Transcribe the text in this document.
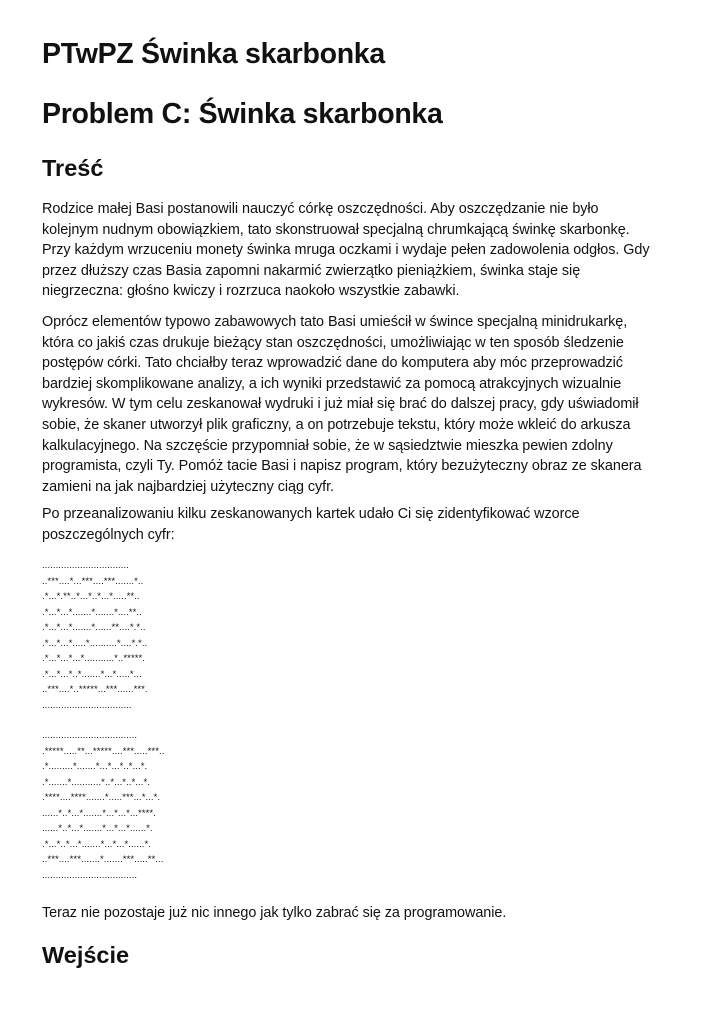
PTwPZ Świnka skarbonka
Problem C: Świnka skarbonka
Treść
Rodzice małej Basi postanowili nauczyć córkę oszczędności. Aby oszczędzanie nie było
kolejnym nudnym obowiązkiem, tato skonstruował specjalną chrumkającą świnkę skarbonkę.
Przy każdym wrzuceniu monety świnka mruga oczkami i wydaje pełen zadowolenia odgłos. Gdy
przez dłuższy czas Basia zapomni nakarmić zwierzątko pieniążkiem, świnka staje się
niegrzeczna: głośno kwiczy i rozrzuca naokoło wszystkie zabawki.
Oprócz elementów typowo zabawowych tato Basi umieścił w śwince specjalną minidrukarkę,
która co jakiś czas drukuje bieżący stan oszczędności, umożliwiając w ten sposób śledzenie
postępów córki. Tato chciałby teraz wprowadzić dane do komputera aby móc przeprowadzić
bardziej skomplikowane analizy, a ich wyniki przedstawić za pomocą atrakcyjnych wizualnie
wykresów. W tym celu zeskanował wydruki i już miał się brać do dalszej pracy, gdy uświadomił
sobie, że skaner utworzył plik graficzny, a on potrzebuje tekstu, który może wkleić do arkusza
kalkulacyjnego. Na szczęście przypomniał sobie, że w sąsiedztwie mieszka pewien zdolny
programista, czyli Ty. Pomóż tacie Basi i napisz program, który bezużyteczny obraz ze skanera
zamieni na jak najbardziej użyteczny ciąg cyfr.
Po przeanalizowaniu kilku zeskanowanych kartek udało Ci się zidentyfikować wzorce
poszczególnych cyfr:
................................
..***....*...***....***.......*..
.*...*.**..*...*..*...*.....**..
.*...*...*.......*.......*....**..
.*...*...*.......*......**....*.*..
.*...*...*.....*..........*....*.*..
.*...*...*...*...........*..*****.
.*...*...*..*.......*...*.....*...
..***....*..*****...***......***.
.................................
...................................
.*****.....**...*****....***.....***..
.*.........*.......*...*...*..*...*.
.*.......*...........*..*...*..*...*.
.****....****.......*.....***...*...*.
......*..*...*.......*...*...*...****.
......*..*...*.......*...*...*......*.
.*...*..*...*.......*...*...*......*.
..***....***.......*.......***.....**...
...................................
Teraz nie pozostaje już nic innego jak tylko zabrać się za programowanie.
Wejście
